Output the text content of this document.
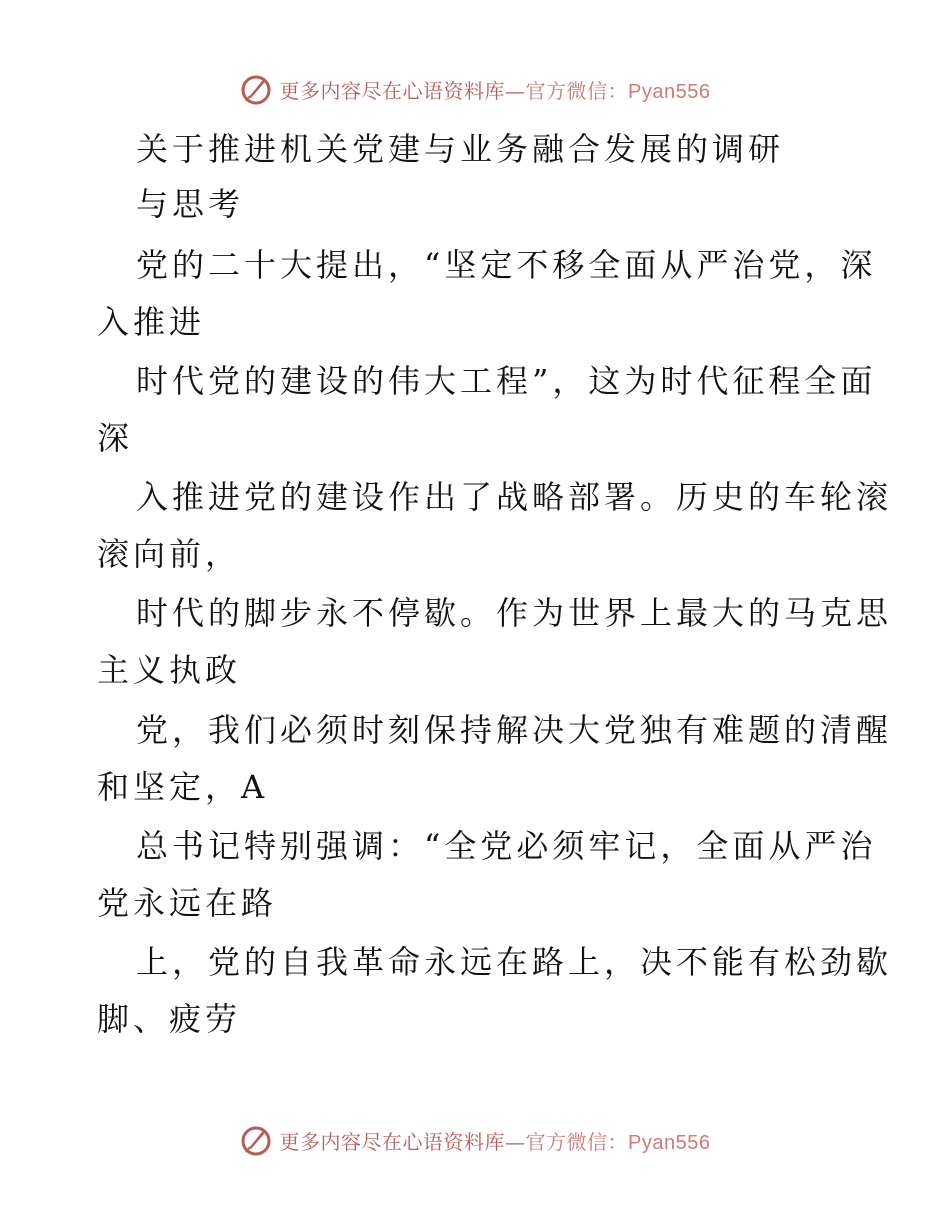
更多内容尽在心语资料库—官方微信：Pyan556
关于推进机关党建与业务融合发展的调研
与思考
党的二十大提出，“坚定不移全面从严治党，深
入推进
时代党的建设的伟大工程”，这为时代征程全面
深
入推进党的建设作出了战略部署。历史的车轮滚
滚向前，
时代的脚步永不停歇。作为世界上最大的马克思
主义执政
党，我们必须时刻保持解决大党独有难题的清醒
和坚定，A
总书记特别强调：“全党必须牢记，全面从严治
党永远在路
上，党的自我革命永远在路上，决不能有松劲歇
脚、疲劳
更多内容尽在心语资料库—官方微信：Pyan556
